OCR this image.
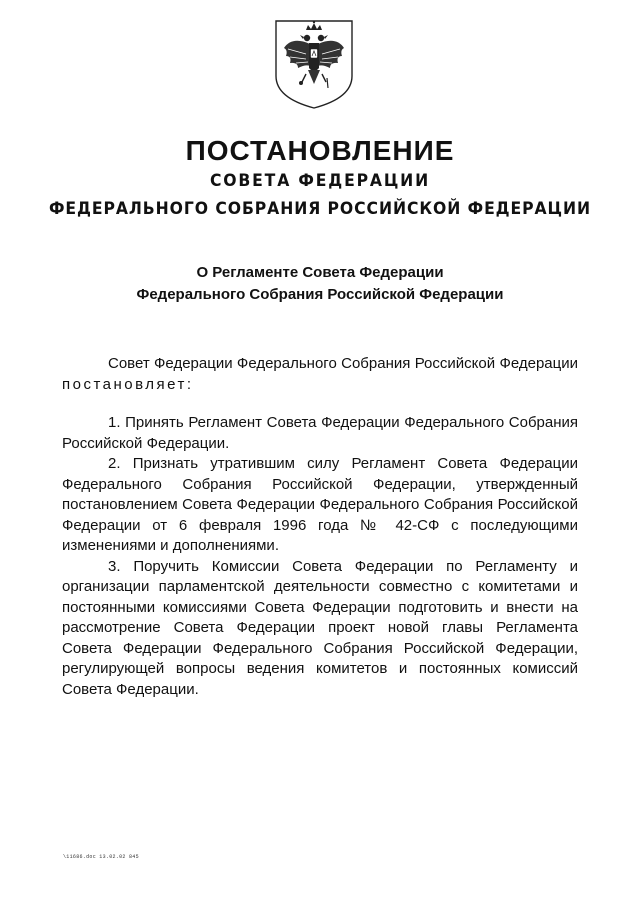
ПОСТАНОВЛЕНИЕ
СОВЕТА ФЕДЕРАЦИИ
ФЕДЕРАЛЬНОГО СОБРАНИЯ РОССИЙСКОЙ ФЕДЕРАЦИИ
О Регламенте Совета Федерации
Федерального Собрания Российской Федерации

Совет Федерации Федерального Собрания Российской Федерации постановляет:

1. Принять Регламент Совета Федерации Федерального Собрания Российской Федерации.

2. Признать утратившим силу Регламент Совета Федерации Федерального Собрания Российской Федерации, утвержденный постановлением Совета Федерации Федерального Собрания Российской Федерации от 6 февраля 1996 года № 42-СФ с последующими изменениями и дополнениями.

3. Поручить Комиссии Совета Федерации по Регламенту и организации парламентской деятельности совместно с комитетами и постоянными комиссиями Совета Федерации подготовить и внести на рассмотрение Совета Федерации проект новой главы Регламента Совета Федерации Федерального Собрания Российской Федерации, регулирующей вопросы ведения комитетов и постоянных комиссий Совета Федерации.

\11686.doc 13.02.02 845
